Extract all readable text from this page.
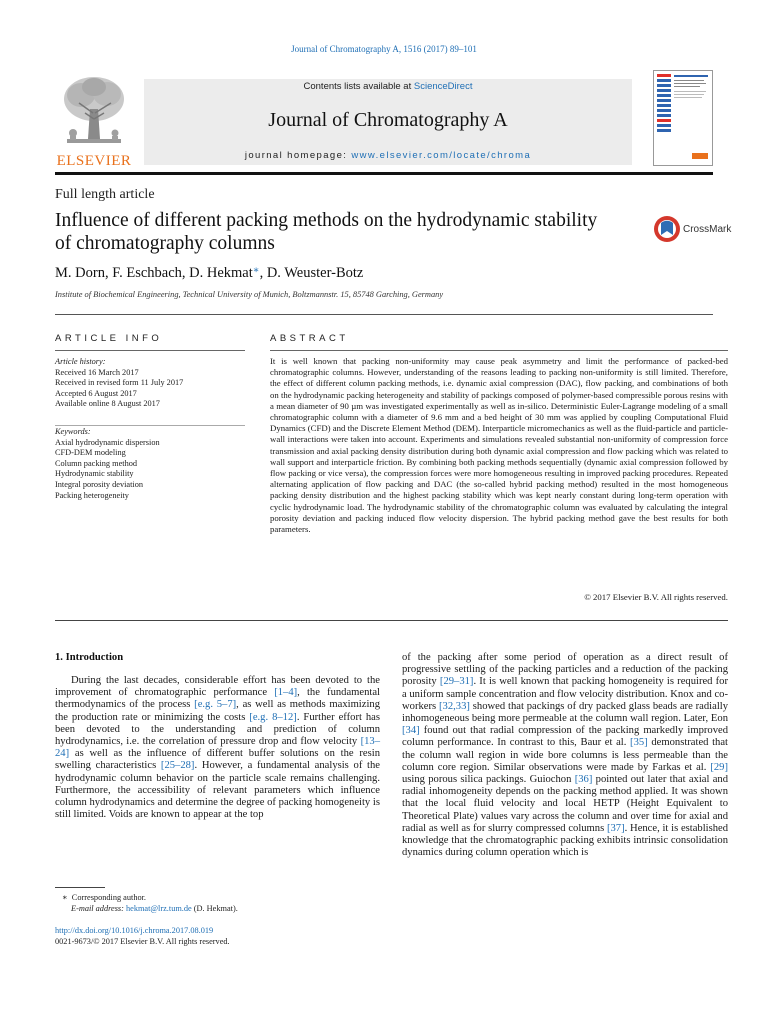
Journal of Chromatography A, 1516 (2017) 89–101
ELSEVIER
Contents lists available at ScienceDirect
Journal of Chromatography A
journal homepage: www.elsevier.com/locate/chroma
Full length article
Influence of different packing methods on the hydrodynamic stability
of chromatography columns
CrossMark
M. Dorn, F. Eschbach, D. Hekmat∗, D. Weuster-Botz
Institute of Biochemical Engineering, Technical University of Munich, Boltzmannstr. 15, 85748 Garching, Germany
ARTICLE INFO
Article history:
Received 16 March 2017
Received in revised form 11 July 2017
Accepted 6 August 2017
Available online 8 August 2017
Keywords:
Axial hydrodynamic dispersion
CFD-DEM modeling
Column packing method
Hydrodynamic stability
Integral porosity deviation
Packing heterogeneity
ABSTRACT
It is well known that packing non-uniformity may cause peak asymmetry and limit the performance of packed-bed chromatographic columns. However, understanding of the reasons leading to packing non-uniformity is still limited. Therefore, the effect of different column packing methods, i.e. dynamic axial compression (DAC), flow packing, and combinations of both on the hydrodynamic packing heterogeneity and stability of packings composed of polymer-based compressible porous resins with a mean diameter of 90 µm was investigated experimentally as well as in-silico. Deterministic Euler-Lagrange modeling of a small chromatographic column with a diameter of 9.6 mm and a bed height of 30 mm was applied by coupling Computational Fluid Dynamics (CFD) and the Discrete Element Method (DEM). Interparticle micromechanics as well as the fluid-particle and particle-wall interactions were taken into account. Experiments and simulations revealed substantial non-uniformity of compression force transmission and axial packing density distribution during both dynamic axial compression and flow packing which was related to wall support and interparticle friction. By combining both packing methods sequentially (dynamic axial compression followed by flow packing or vice versa), the compression forces were more homogeneous resulting in improved packing procedures. Repeated alternating application of flow packing and DAC (the so-called hybrid packing method) resulted in the most homogeneous packing density distribution and the highest packing stability which was kept nearly constant during long-term operation with cyclic hydrodynamic load. The hydrodynamic stability of the chromatographic column was evaluated by calculating the integral porosity deviation and packing induced flow velocity dispersion. The hybrid packing method gave the best results for both parameters.
© 2017 Elsevier B.V. All rights reserved.
1. Introduction

During the last decades, considerable effort has been devoted to the improvement of chromatographic performance [1–4], the fundamental thermodynamics of the process [e.g. 5–7], as well as methods maximizing the production rate or minimizing the costs [e.g. 8–12]. Further effort has been devoted to the understanding and prediction of column hydrodynamics, i.e. the correlation of pressure drop and flow velocity [13–24] as well as the influence of different buffer solutions on the resin swelling characteristics [25–28]. However, a fundamental analysis of the hydrodynamic column behavior on the particle scale remains challenging. Furthermore, the accessibility of relevant parameters which influence column hydrodynamics and determine the degree of packing homogeneity is still limited. Voids are known to appear at the top

of the packing after some period of operation as a direct result of progressive settling of the packing particles and a reduction of the packing porosity [29–31]. It is well known that packing homogeneity is required for a uniform sample concentration and flow velocity distribution. Knox and co-workers [32,33] showed that packings of dry packed glass beads are radially inhomogeneous being more permeable at the column wall region. Later, Eon [34] found out that radial compression of the packing markedly improved column performance. In contrast to this, Baur et al. [35] demonstrated that the column wall region in wide bore columns is less permeable than the column core region. Similar observations were made by Farkas et al. [29] using porous silica packings. Guiochon [36] pointed out later that axial and radial inhomogeneity depends on the packing method applied. It was shown that the local fluid velocity and local HETP (Height Equivalent to Theoretical Plate) values vary across the column and over time for axial and radial as well as for slurry compressed columns [37]. Hence, it is established knowledge that the chromatographic packing exhibits intrinsic consolidation dynamics during column operation which is
∗ Corresponding author.
E-mail address: hekmat@lrz.tum.de (D. Hekmat).
http://dx.doi.org/10.1016/j.chroma.2017.08.019
0021-9673/© 2017 Elsevier B.V. All rights reserved.
